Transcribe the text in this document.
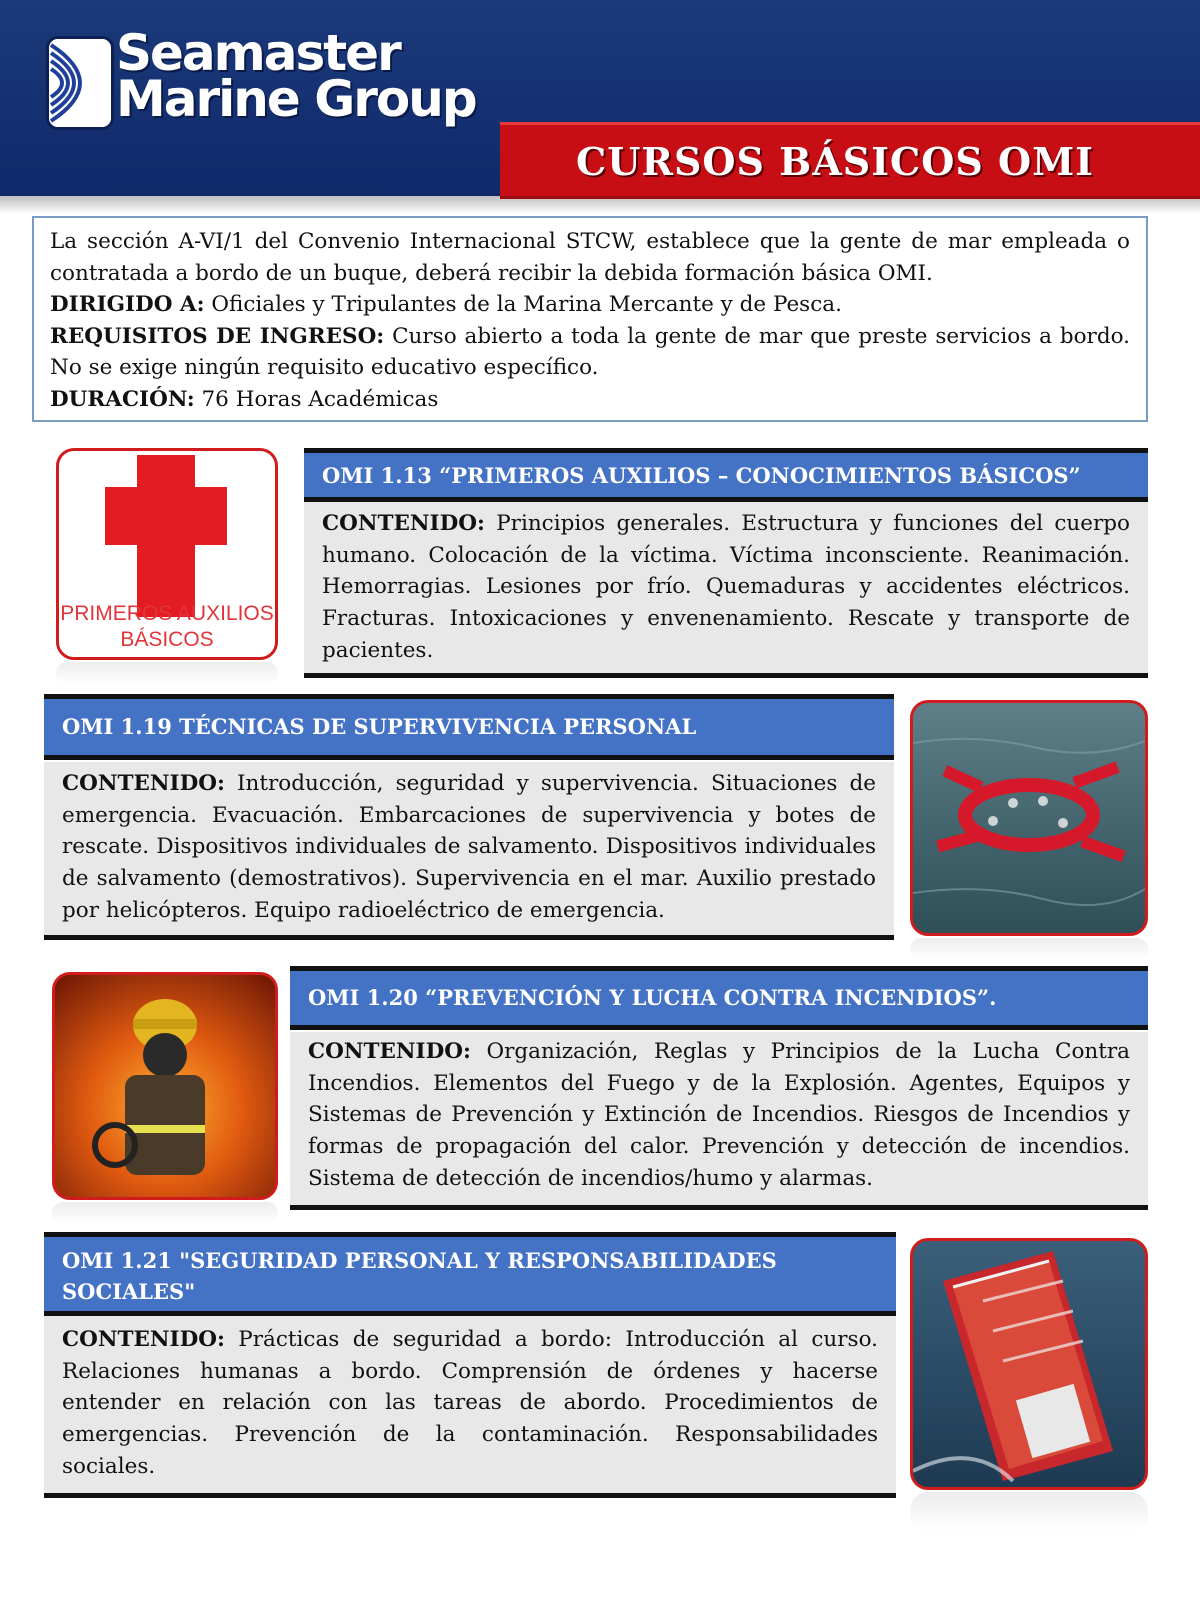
Seamaster
Marine Group
CURSOS BÁSICOS OMI
La sección A-VI/1 del Convenio Internacional STCW, establece que la gente de mar empleada o contratada a bordo de un buque, deberá recibir la debida formación básica OMI.
DIRIGIDO A: Oficiales y Tripulantes de la Marina Mercante y de Pesca.
REQUISITOS DE INGRESO: Curso abierto a toda la gente de mar que preste servicios a bordo. No se exige ningún requisito educativo específico.
DURACIÓN: 76 Horas Académicas
PRIMEROS AUXILIOS
BÁSICOS
OMI 1.13 “PRIMEROS AUXILIOS – CONOCIMIENTOS BÁSICOS”
CONTENIDO: Principios generales. Estructura y funciones del cuerpo humano. Colocación de la víctima. Víctima inconsciente. Reanimación. Hemorragias. Lesiones por frío. Quemaduras y accidentes eléctricos. Fracturas. Intoxicaciones y envenenamiento. Rescate y transporte de pacientes.
OMI 1.19 TÉCNICAS DE SUPERVIVENCIA PERSONAL
CONTENIDO: Introducción, seguridad y supervivencia. Situaciones de emergencia. Evacuación. Embarcaciones de supervivencia y botes de rescate. Dispositivos individuales de salvamento. Dispositivos individuales de salvamento (demostrativos). Supervivencia en el mar. Auxilio prestado por helicópteros. Equipo radioeléctrico de emergencia.
OMI 1.20 “PREVENCIÓN Y LUCHA CONTRA INCENDIOS”.
CONTENIDO: Organización, Reglas y Principios de la Lucha Contra Incendios. Elementos del Fuego y de la Explosión. Agentes, Equipos y Sistemas de Prevención y Extinción de Incendios. Riesgos de Incendios y formas de propagación del calor. Prevención y detección de incendios. Sistema de detección de incendios/humo y alarmas.
OMI 1.21 "SEGURIDAD PERSONAL Y RESPONSABILIDADES SOCIALES"
CONTENIDO: Prácticas de seguridad a bordo: Introducción al curso. Relaciones humanas a bordo. Comprensión de órdenes y hacerse entender en relación con las tareas de abordo. Procedimientos de emergencias. Prevención de la contaminación. Responsabilidades sociales.
